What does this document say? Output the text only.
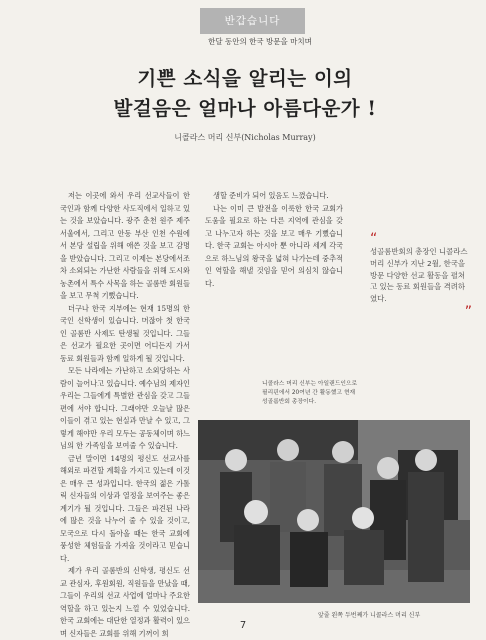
반갑습니다
한달 동안의 한국 방문을 마치며
기쁜 소식을 알리는 이의
발걸음은 얼마나 아름다운가 !
니콜라스 머리 신부(Nicholas Murray)

저는 이곳에 와서 우리 선교사들이 한국인과 함께 다양한 사도직에서 일하고 있는 것을 보았습니다. 광주 춘천 원주 제주 서울에서, 그리고 안동 부산 인천 수원에서 본당 설립을 위해 애쓴 것을 보고 감명을 받았습니다. 그리고 이제는 본당에서조차 소외되는 가난한 사람들을 위해 도시와 농촌에서 특수 사목을 하는 골롬반 회원들을 보고 무척 기뻤습니다.

더구나 한국 지부에는 현재 15명의 한국인 신학생이 있습니다. 머잖아 첫 한국인 골롬반 사제도 탄생될 것입니다. 그들은 선교가 필요한 곳이면 어디든지 가서 동료 회원들과 함께 일하게 될 것입니다.

모든 나라에는 가난하고 소외당하는 사람이 늘어나고 있습니다. 예수님의 제자인 우리는 그들에게 특별한 관심을 갖고 그들 편에 서야 합니다. 그래야만 오늘날 많은 이들이 겪고 있는 현실과 만날 수 있고, 그렇게 해야만 우리 모두는 공동체이며 하느님의 한 가족임을 보여줄 수 있습니다.

금년 말이면 14명의 평신도 선교사를 해외로 파견할 계획을 가지고 있는데 이것은 매우 큰 성과입니다. 한국의 젊은 가톨릭 신자들의 이상과 열정을 보여주는 좋은 계기가 될 것입니다. 그들은 파견된 나라에 많은 것을 나누어 줄 수 있을 것이고, 모국으로 다시 돌아올 때는 한국 교회에 풍성한 체험들을 가져올 것이라고 믿습니다.

제가 우리 골롬반의 신학생, 평신도 선교 관심자, 후원회원, 직원들을 만났을 때, 그들이 우리의 선교 사업에 얼마나 주요한 역할을 하고 있는지 느낄 수 있었습니다. 한국 교회에는 대단한 열정과 활력이 있으며 신자들은 교회를 위해 기꺼이 희

생할 준비가 되어 있음도 느꼈습니다.

나는 이미 큰 발전을 이룩한 한국 교회가 도움을 필요로 하는 다른 지역에 관심을 갖고 나누고자 하는 것을 보고 매우 기뻤습니다. 한국 교회는 아시아 뿐 아니라 세계 각국으로 하느님의 왕국을 넓혀 나가는데 중추적인 역할을 해낼 것임을 믿어 의심치 않습니다.

“
성골롬반회의 총장인 니콜라스 머리 신부가 지난 2월, 한국을 방문 다양한 선교 활동을 펼쳐고 있는 동료 회원들을 격려하였다.
”
니콜라스 머리 신부는 아일랜드인으로 필리핀에서 20여년 간 활동했고 현재 성골롬반회 총장이다.
앞줄 왼쪽 두번째가 니콜라스 머리 신부
7
